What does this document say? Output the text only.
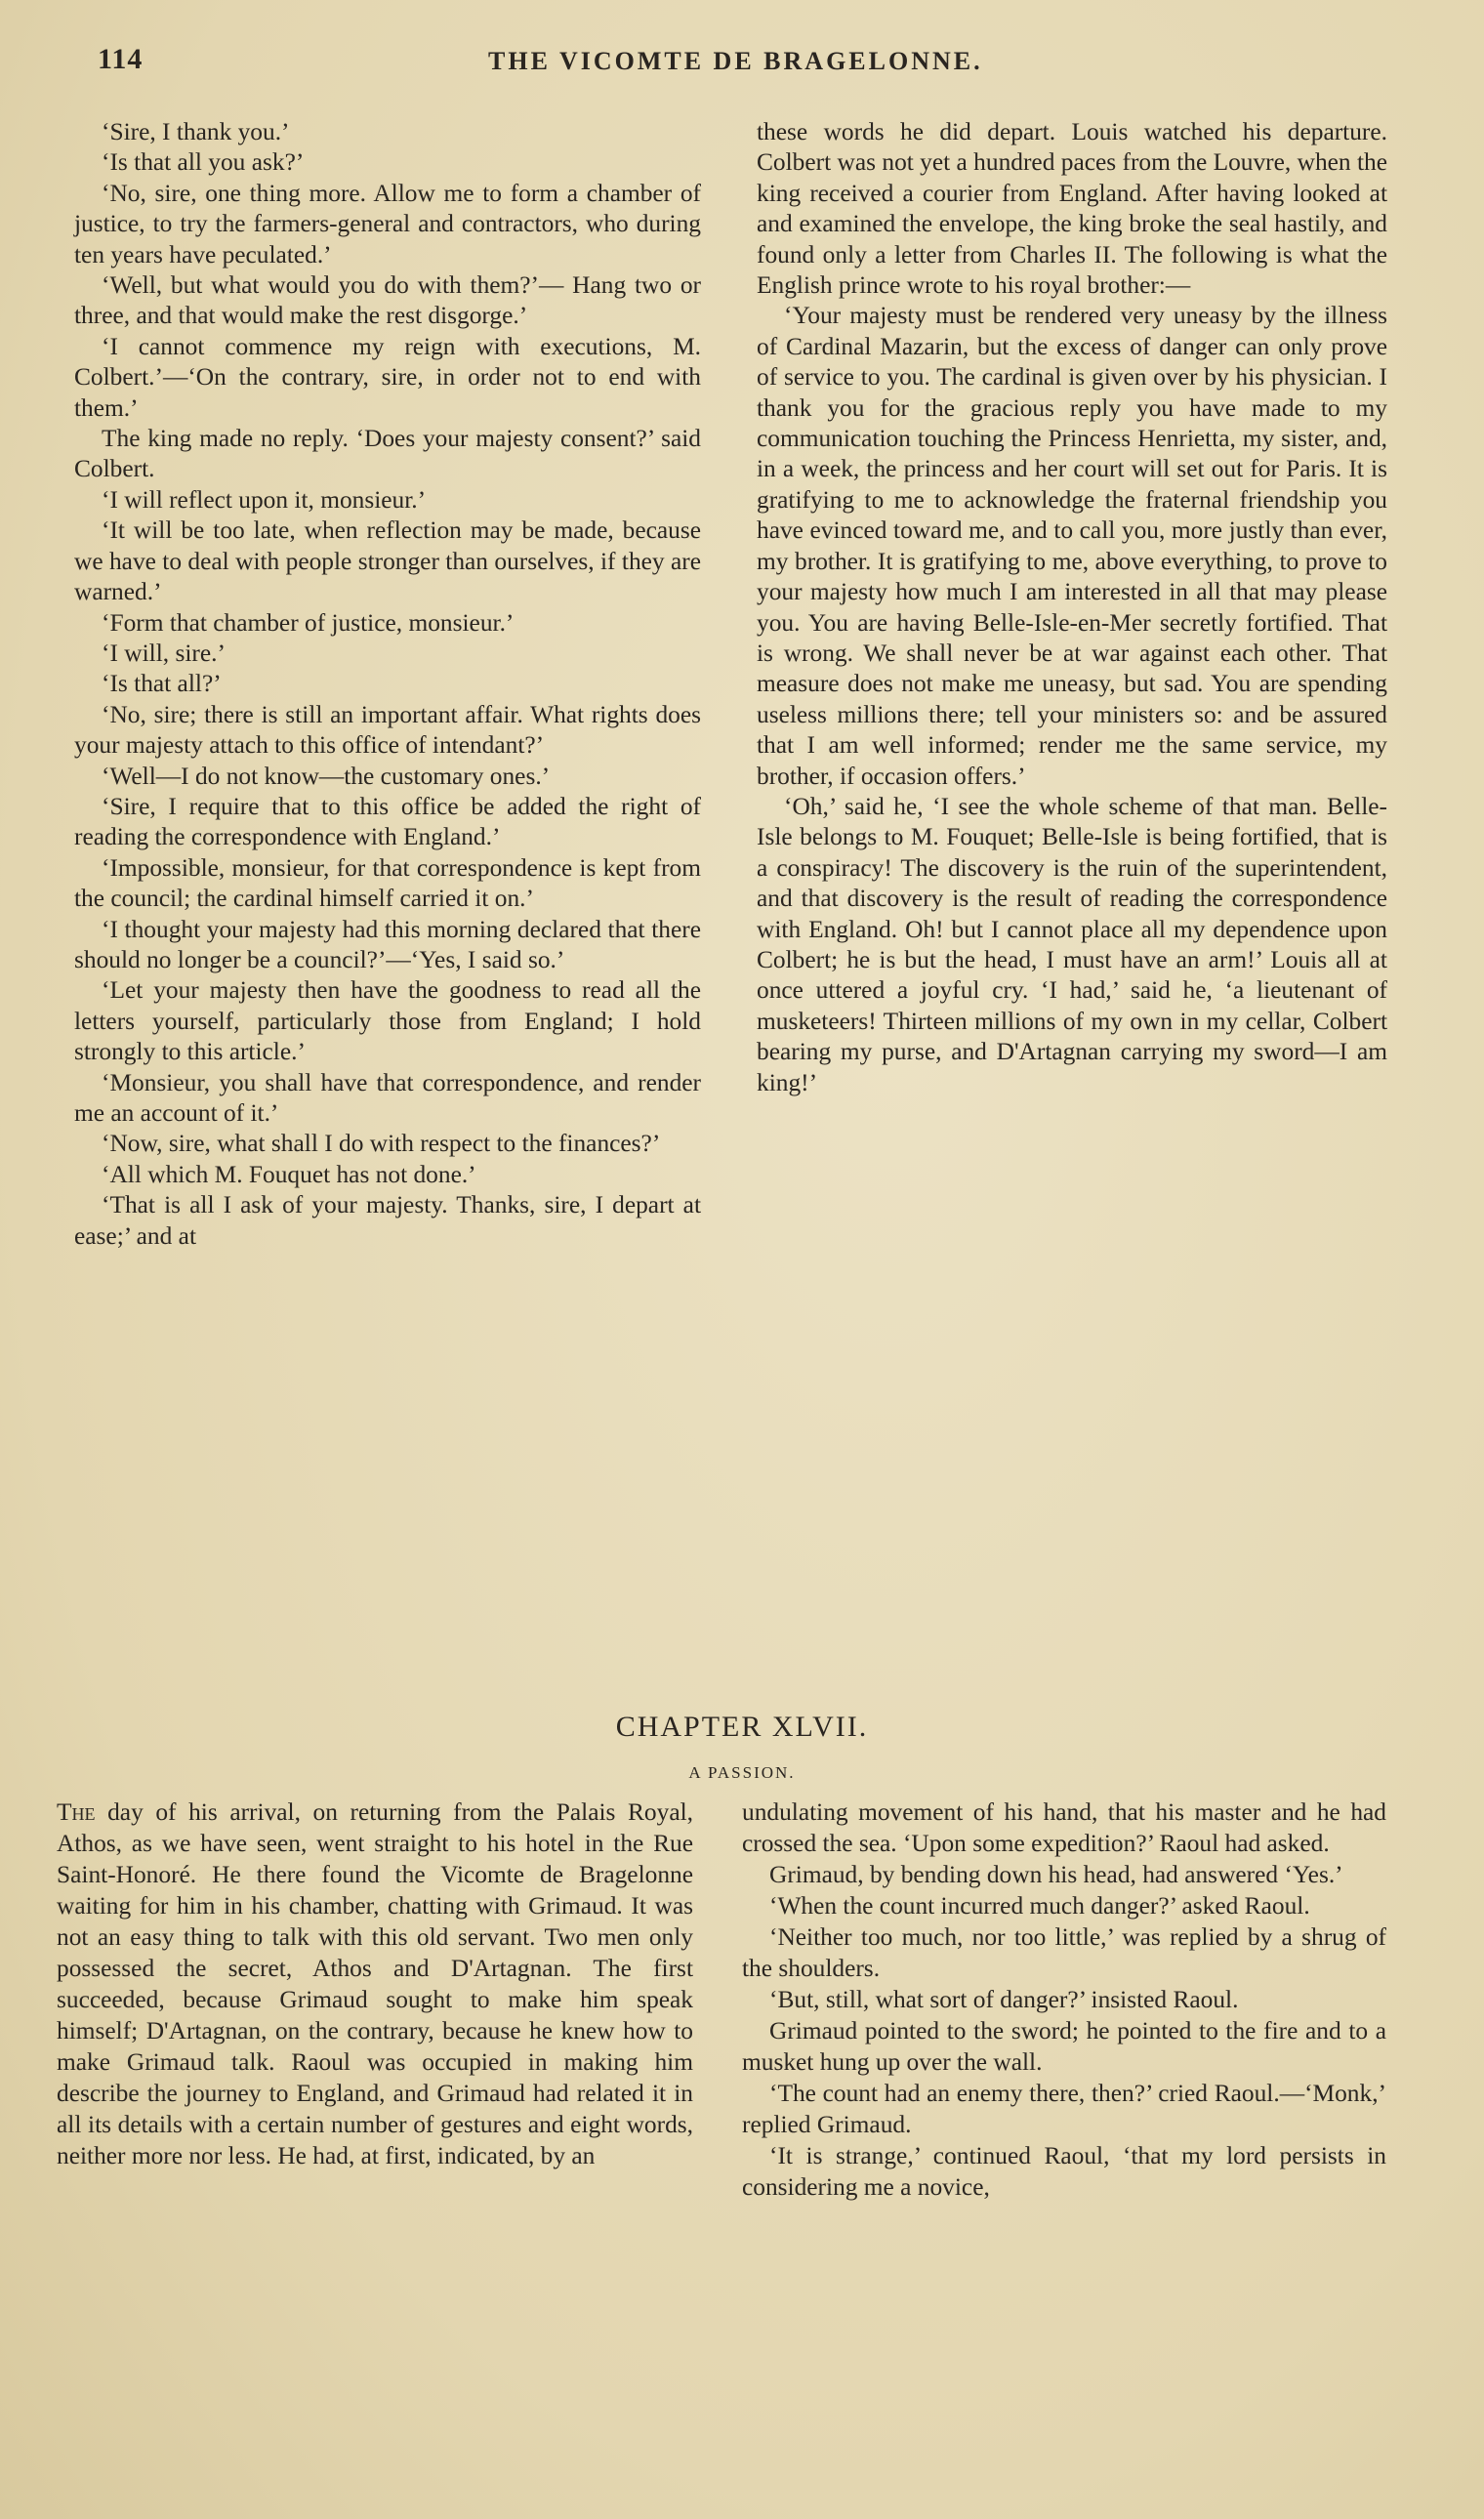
114	THE VICOMTE DE BRAGELONNE.

‘Sire, I thank you.’

‘Is that all you ask?’

‘No, sire, one thing more. Allow me to form a chamber of justice, to try the farmers-general and contractors, who during ten years have peculated.’

‘Well, but what would you do with them?’— Hang two or three, and that would make the rest disgorge.’

‘I cannot commence my reign with executions, M. Colbert.’—‘On the contrary, sire, in order not to end with them.’

The king made no reply. ‘Does your majesty consent?’ said Colbert.

‘I will reflect upon it, monsieur.’

‘It will be too late, when reflection may be made, because we have to deal with people stronger than ourselves, if they are warned.’

‘Form that chamber of justice, monsieur.’

‘I will, sire.’

‘Is that all?’

‘No, sire; there is still an important affair. What rights does your majesty attach to this office of intendant?’

‘Well—I do not know—the customary ones.’

‘Sire, I require that to this office be added the right of reading the correspondence with England.’

‘Impossible, monsieur, for that correspondence is kept from the council; the cardinal himself carried it on.’

‘I thought your majesty had this morning declared that there should no longer be a council?’—‘Yes, I said so.’

‘Let your majesty then have the goodness to read all the letters yourself, particularly those from England; I hold strongly to this article.’

‘Monsieur, you shall have that correspondence, and render me an account of it.’

‘Now, sire, what shall I do with respect to the finances?’

‘All which M. Fouquet has not done.’

‘That is all I ask of your majesty. Thanks, sire, I depart at ease;’ and at

these words he did depart. Louis watched his departure. Colbert was not yet a hundred paces from the Louvre, when the king received a courier from England. After having looked at and examined the envelope, the king broke the seal hastily, and found only a letter from Charles II. The following is what the English prince wrote to his royal brother:—

‘Your majesty must be rendered very uneasy by the illness of Cardinal Mazarin, but the excess of danger can only prove of service to you. The cardinal is given over by his physician. I thank you for the gracious reply you have made to my communication touching the Princess Henrietta, my sister, and, in a week, the princess and her court will set out for Paris. It is gratifying to me to acknowledge the fraternal friendship you have evinced toward me, and to call you, more justly than ever, my brother. It is gratifying to me, above everything, to prove to your majesty how much I am interested in all that may please you. You are having Belle-Isle-en-Mer secretly fortified. That is wrong. We shall never be at war against each other. That measure does not make me uneasy, but sad. You are spending useless millions there; tell your ministers so: and be assured that I am well informed; render me the same service, my brother, if occasion offers.’

‘Oh,’ said he, ‘I see the whole scheme of that man. Belle-Isle belongs to M. Fouquet; Belle-Isle is being fortified, that is a conspiracy! The discovery is the ruin of the superintendent, and that discovery is the result of reading the correspondence with England. Oh! but I cannot place all my dependence upon Colbert; he is but the head, I must have an arm!’ Louis all at once uttered a joyful cry. ‘I had,’ said he, ‘a lieutenant of musketeers! Thirteen millions of my own in my cellar, Colbert bearing my purse, and D'Artagnan carrying my sword—I am king!’

CHAPTER XLVII.
A PASSION.

The day of his arrival, on returning from the Palais Royal, Athos, as we have seen, went straight to his hotel in the Rue Saint-Honoré. He there found the Vicomte de Bragelonne waiting for him in his chamber, chatting with Grimaud. It was not an easy thing to talk with this old servant. Two men only possessed the secret, Athos and D'Artagnan. The first succeeded, because Grimaud sought to make him speak himself; D'Artagnan, on the contrary, because he knew how to make Grimaud talk. Raoul was occupied in making him describe the journey to England, and Grimaud had related it in all its details with a certain number of gestures and eight words, neither more nor less. He had, at first, indicated, by an

undulating movement of his hand, that his master and he had crossed the sea. ‘Upon some expedition?’ Raoul had asked.

Grimaud, by bending down his head, had answered ‘Yes.’

‘When the count incurred much danger?’ asked Raoul.

‘Neither too much, nor too little,’ was replied by a shrug of the shoulders.

‘But, still, what sort of danger?’ insisted Raoul.

Grimaud pointed to the sword; he pointed to the fire and to a musket hung up over the wall.

‘The count had an enemy there, then?’ cried Raoul.—‘Monk,’ replied Grimaud.

‘It is strange,’ continued Raoul, ‘that my lord persists in considering me a novice,
